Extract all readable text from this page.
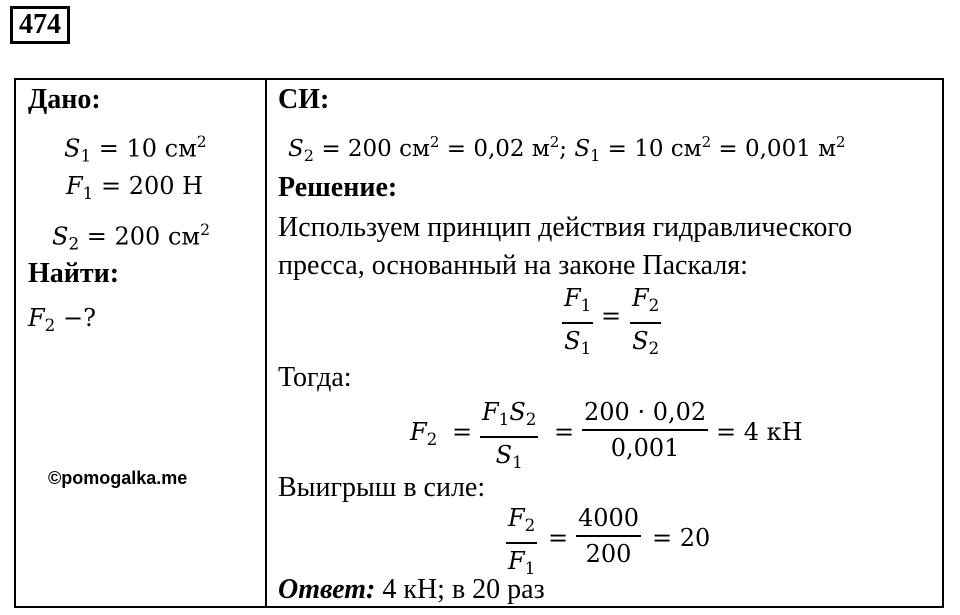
474
Дано:
$S_1 = 10$ $см^2$
$F_1 = 200$ Н
$S_2 = 200$ $см^2$
Найти:
$F_2$ −?
©pomogalka.me
СИ:
$S_2 = 200$ $см^2 = 0,02$ $м^2$; $S_1 = 10$ $см^2 = 0,001$ $м^2$
Решение:
Используем принцип действия гидравлического
пресса, основанный на законе Паскаля:
$F_1$
$S_1$
=
$F_2$
$S_2$
Тогда:
$F_2$ =
$F_1S_2$
$S_1$
=
200 · 0,02
0,001
= 4 кН
Выигрыш в силе:
$F_2$
$F_1$
=
4000
200
= 20
Ответ: 4 кН; в 20 раз
